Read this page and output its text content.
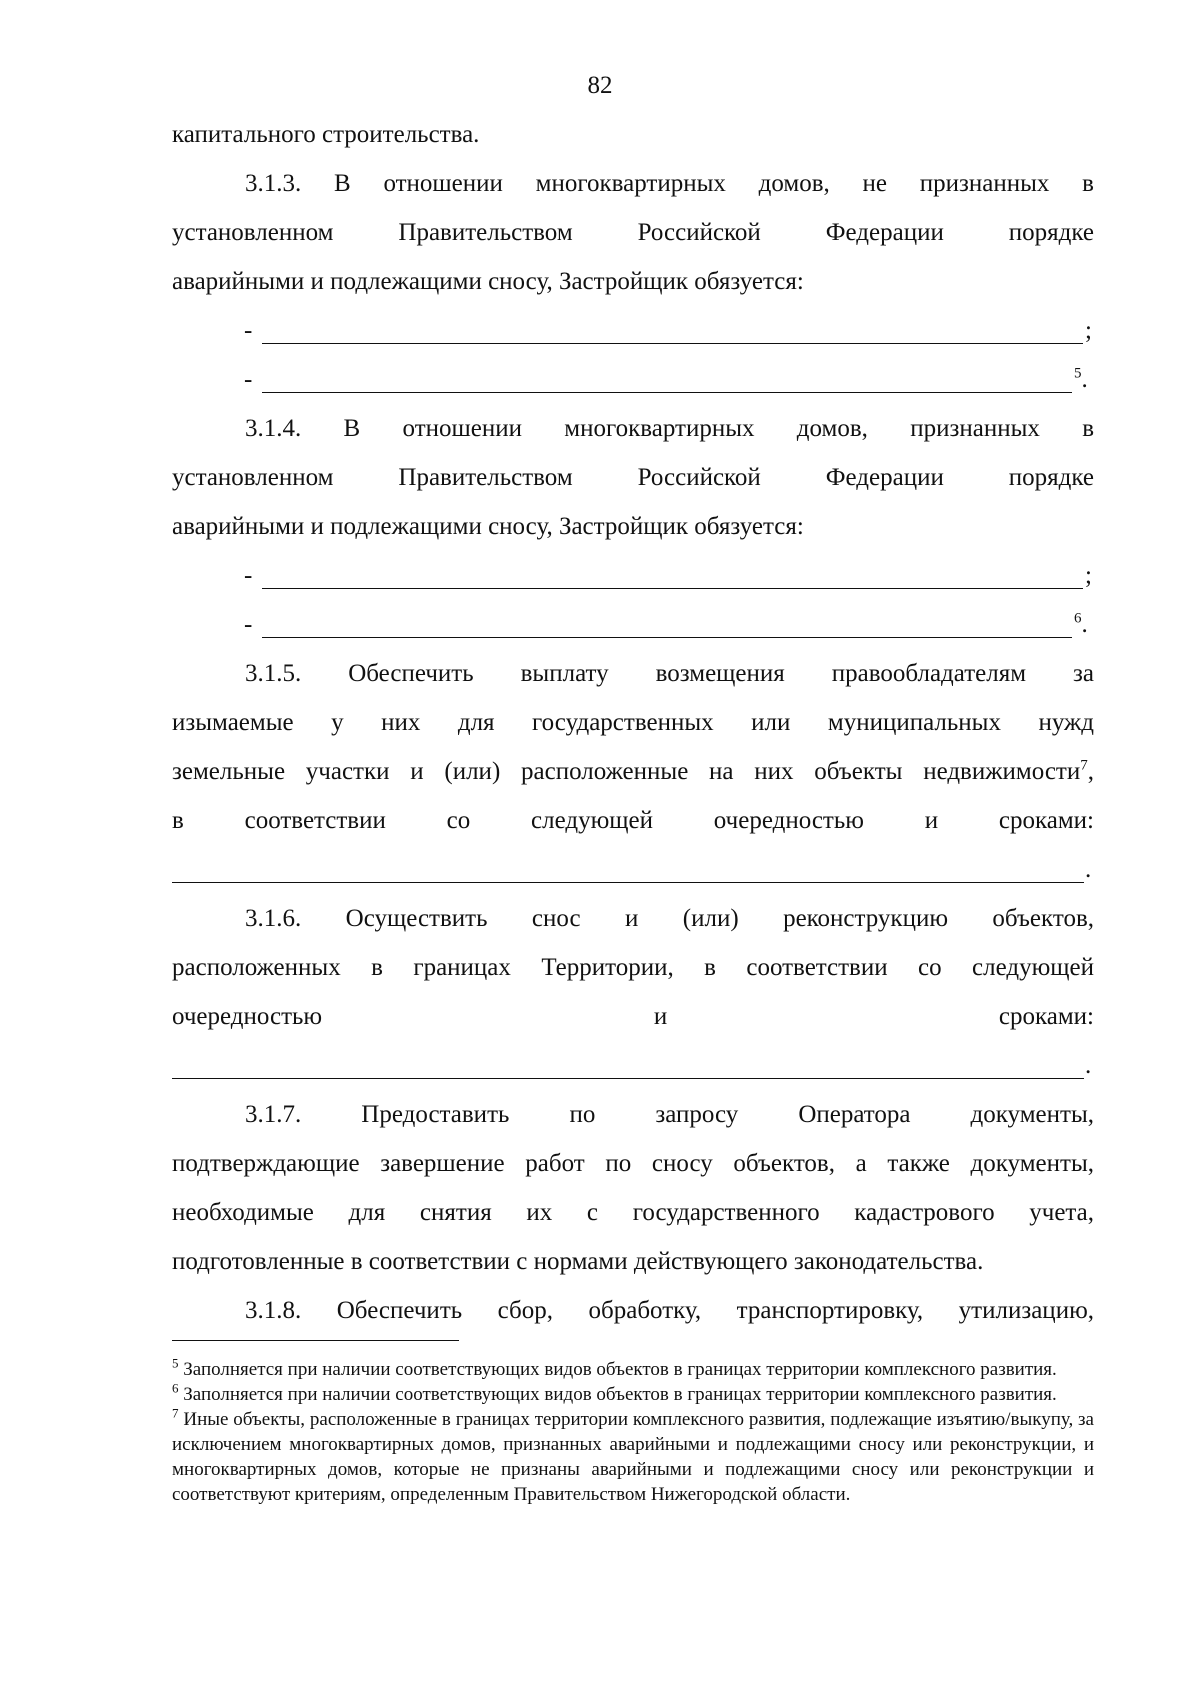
82
капитального строительства.
3.1.3. В отношении многоквартирных домов, не признанных в
установленном Правительством Российской Федерации порядке
аварийными и подлежащими сносу, Застройщик обязуется:
-	;
-	$^5$.
3.1.4. В отношении многоквартирных домов, признанных в
установленном Правительством Российской Федерации порядке
аварийными и подлежащими сносу, Застройщик обязуется:
-	;
-	$^6$.
3.1.5. Обеспечить выплату возмещения правообладателям за
изымаемые у них для государственных или муниципальных нужд
земельные участки и (или) расположенные на них объекты недвижимости$^7$,
в соответствии со следующей очередностью и сроками:
.
3.1.6. Осуществить снос и (или) реконструкцию объектов,
расположенных в границах Территории, в соответствии со следующей
очередностью и сроками:
.
3.1.7. Предоставить по запросу Оператора документы,
подтверждающие завершение работ по сносу объектов, а также документы,
необходимые для снятия их с государственного кадастрового учета,
подготовленные в соответствии с нормами действующего законодательства.
3.1.8. Обеспечить сбор, обработку, транспортировку, утилизацию,
$^5$ Заполняется при наличии соответствующих видов объектов в границах территории комплексного развития.
$^6$ Заполняется при наличии соответствующих видов объектов в границах территории комплексного развития.
$^7$ Иные объекты, расположенные в границах территории комплексного развития, подлежащие изъятию/выкупу, за исключением многоквартирных домов, признанных аварийными и подлежащими сносу или реконструкции, и многоквартирных домов, которые не признаны аварийными и подлежащими сносу или реконструкции и соответствуют критериям, определенным Правительством Нижегородской области.
